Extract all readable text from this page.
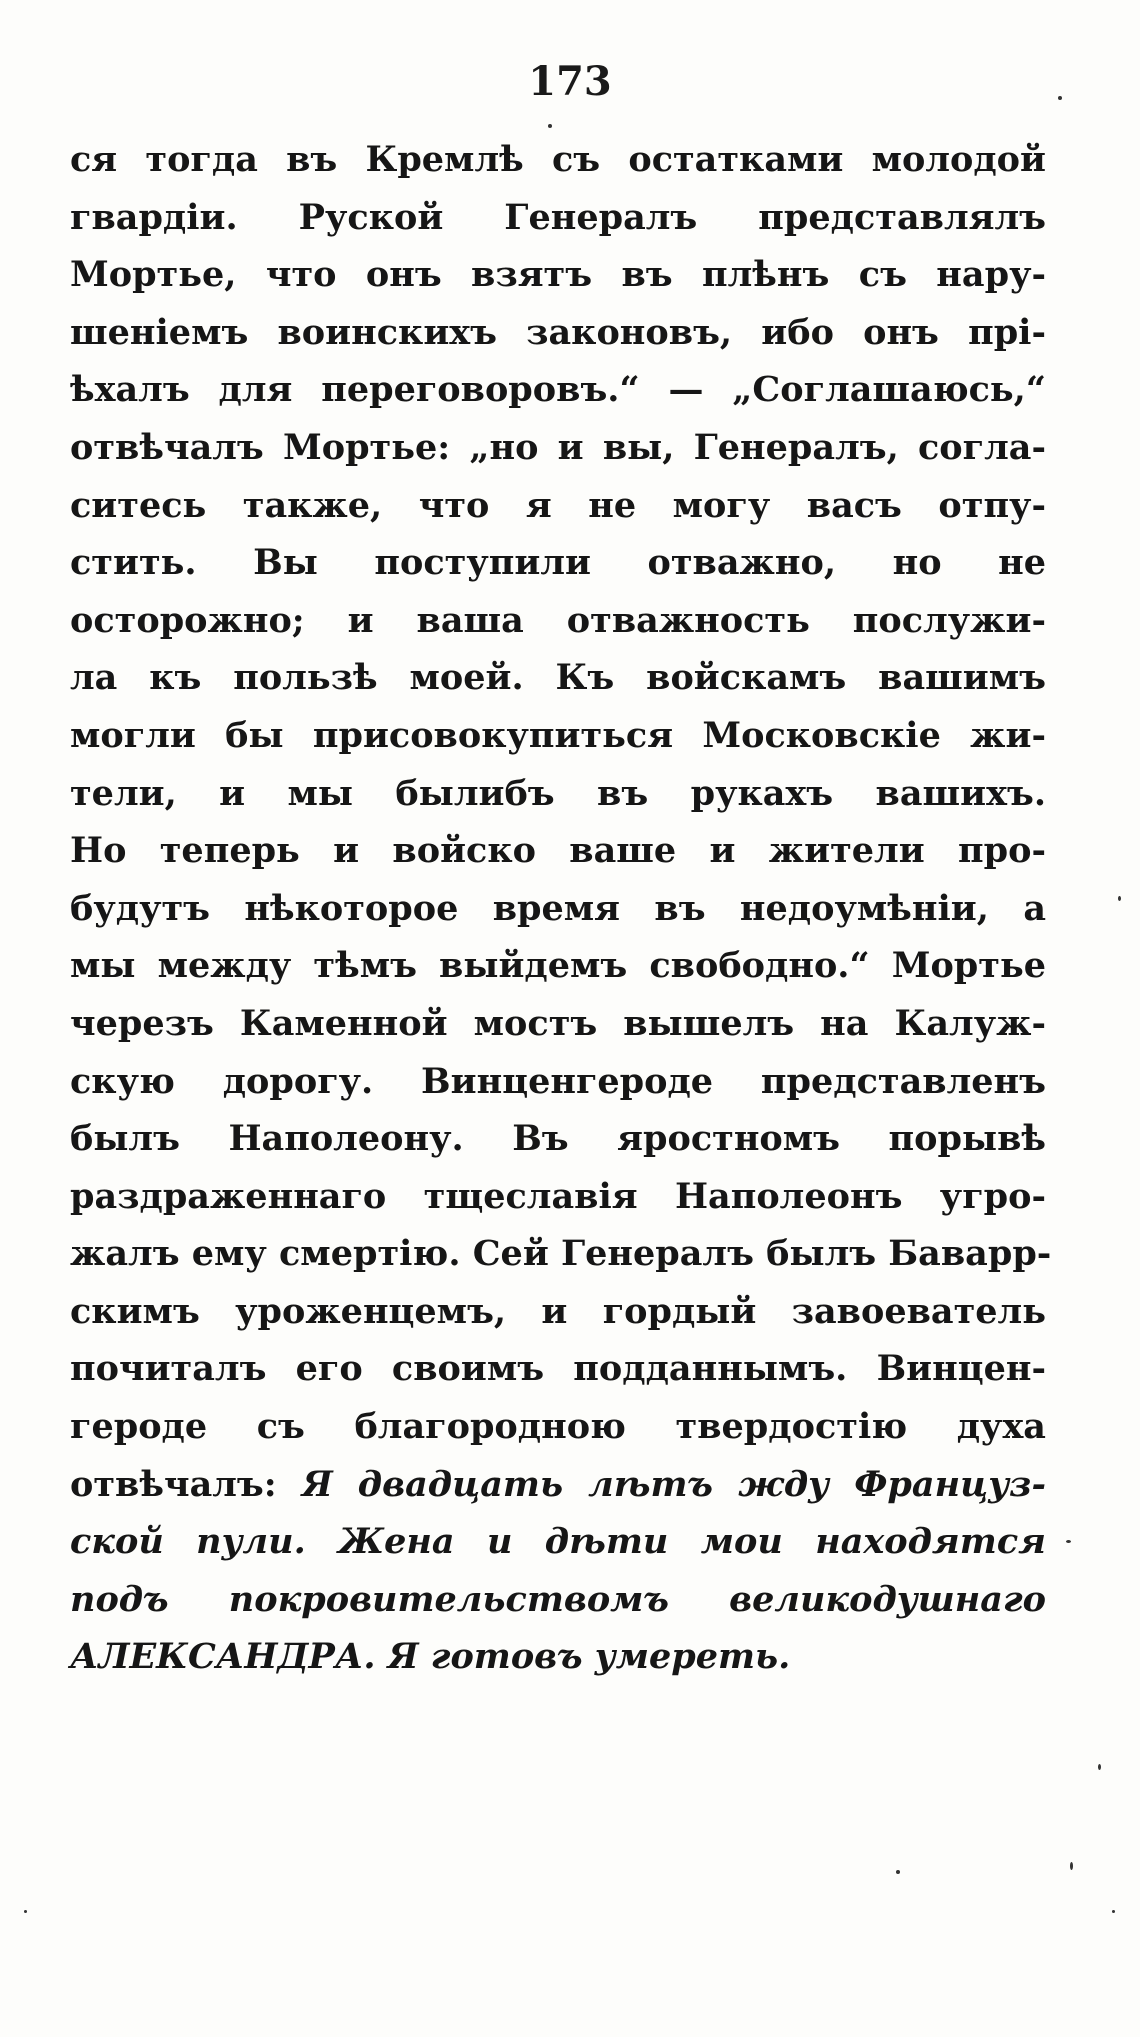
173
ся тогда въ Кремлѣ съ остатками молодой
гвардіи. Руской Генералъ представлялъ
Мортье, что онъ взятъ въ плѣнъ съ нару-
шеніемъ воинскихъ законовъ, ибо онъ прі-
ѣхалъ для переговоровъ.“ — „Соглашаюсь,“
отвѣчалъ Мортье: „но и вы, Генералъ, согла-
ситесь также, что я не могу васъ отпу-
стить. Вы поступили отважно, но не
осторожно; и ваша отважность послужи-
ла къ пользѣ моей. Къ войскамъ вашимъ
могли бы присовокупиться Московскіе жи-
тели, и мы былибъ въ рукахъ вашихъ.
Но теперь и войско ваше и жители про-
будутъ нѣкоторое время въ недоумѣніи, а
мы между тѣмъ выйдемъ свободно.“ Мортье
черезъ Каменной мостъ вышелъ на Калуж-
скую дорогу. Винценгероде представленъ
былъ Наполеону. Въ яростномъ порывѣ
раздраженнаго тщеславія Наполеонъ угро-
жалъ ему смертію. Сей Генералъ былъ Баварр-
скимъ уроженцемъ, и гордый завоеватель
почиталъ его своимъ подданнымъ. Винцен-
героде съ благородною твердостію духа
отвѣчалъ: Я двадцать лѣтъ жду Француз-
ской пули. Жена и дѣти мои находятся
подъ покровительствомъ великодушнаго
АЛЕКСАНДРА. Я готовъ умереть.
